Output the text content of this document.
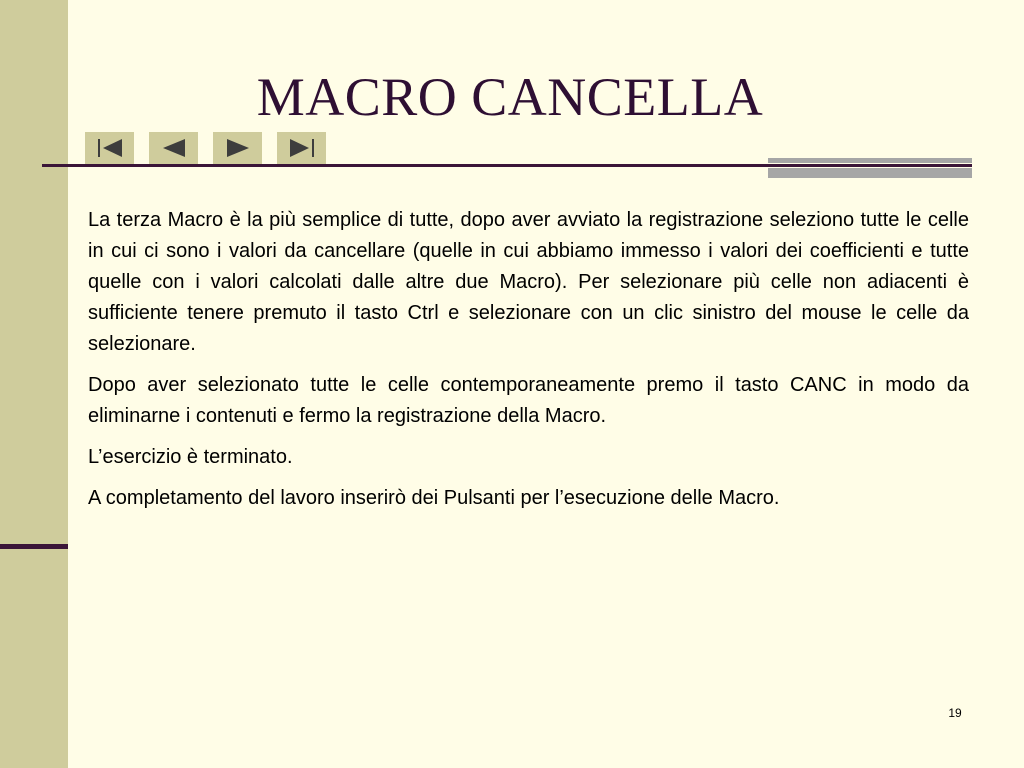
MACRO CANCELLA

La terza Macro è la più semplice di tutte, dopo aver avviato la registrazione seleziono tutte le celle in cui ci sono i valori da cancellare (quelle in cui abbiamo immesso i valori dei coefficienti e tutte quelle con i valori calcolati dalle altre due Macro). Per selezionare più celle non adiacenti è sufficiente tenere premuto il tasto Ctrl e selezionare con un clic sinistro del mouse le celle da selezionare.

Dopo aver selezionato tutte le celle contemporaneamente premo il tasto CANC in modo da eliminarne i contenuti e fermo la registrazione della Macro.

L’esercizio è terminato.

A completamento del lavoro inserirò dei Pulsanti per l’esecuzione delle Macro.

19
